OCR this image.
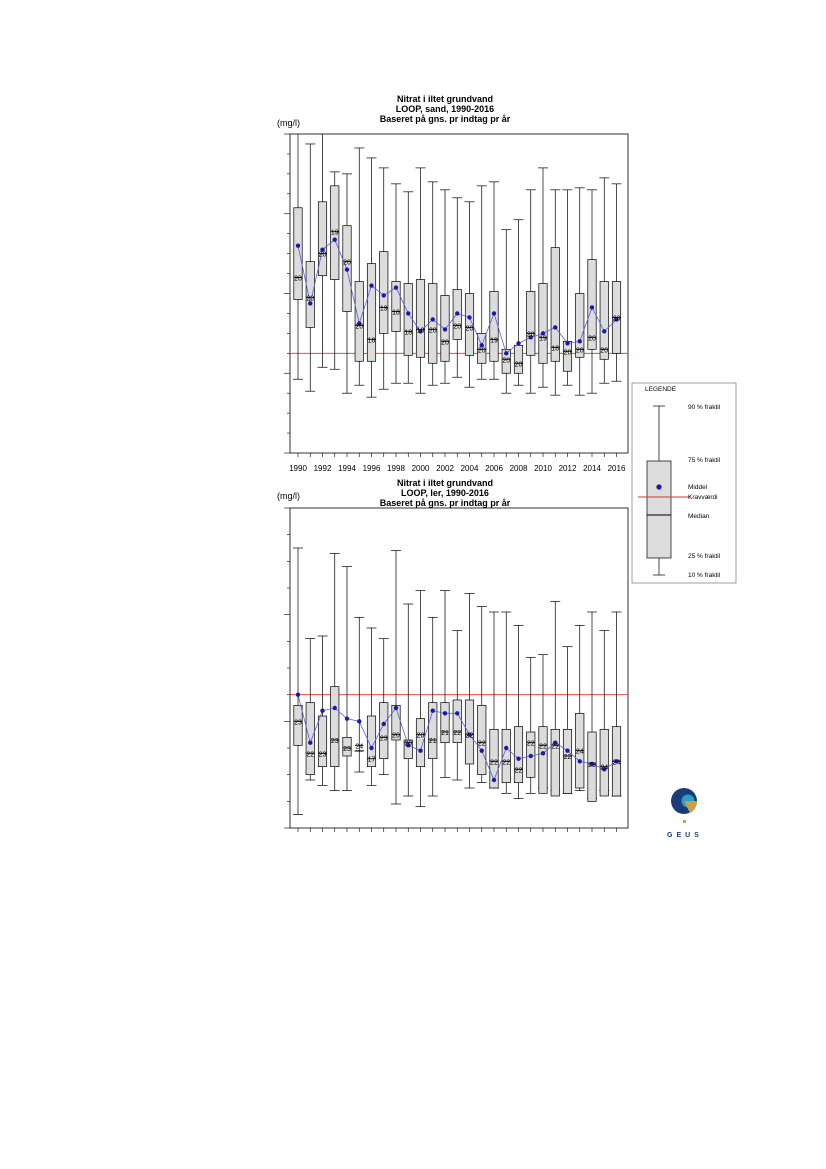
Nitrat i iltet grundvand
LOOP, sand, 1990-2016
Baseret på gns. pr indtag pr år
(mg/l)
20
20
20
19
20
20
18
19
18
18 18 20
20
20 20
20
19
20
20
20
19
18
20 20
20
20
20
1990 1992 1994 1996 1998 2000 2002 2004 2006 2008 2010 2012 2014 2016
Nitrat i iltet grundvand
LOOP, ler, 1990-2016
Baseret på gns. pr indtag pr år
(mg/l)
23
22 23
23
23 24
17
23 20
20
20
21
21 22 22
22
22 22
22
22 22 22
22
24
23 24
24
LEGENDE
90 % fraktil
75 % fraktil
Middel
Kravværdi
Median
25 % fraktil
10 % fraktil
GEUS
